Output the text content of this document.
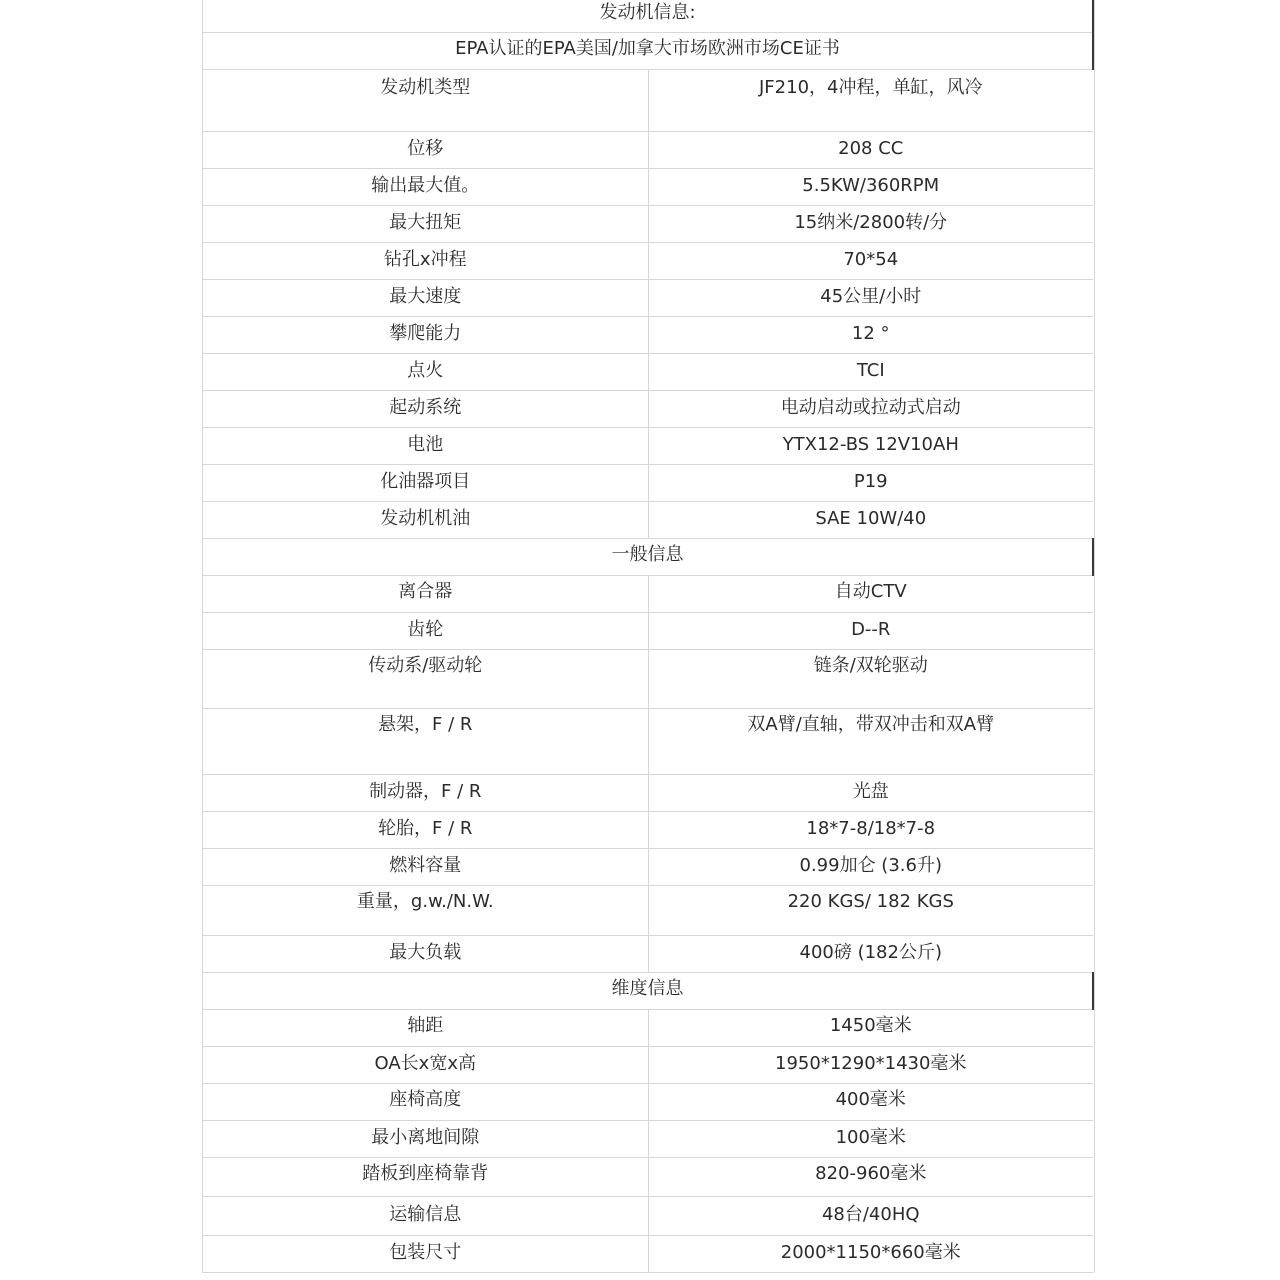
发动机信息:	
EPA认证的EPA美国/加拿大市场欧洲市场CE证书	
发动机类型	JF210，4冲程，单缸，风冷
位移	208 CC
输出最大值。	5.5KW/360RPM
最大扭矩	15纳米/2800转/分
钻孔x冲程	70*54
最大速度	45公里/小时
攀爬能力	12 °
点火	TCI
起动系统	电动启动或拉动式启动
电池	YTX12-BS 12V10AH
化油器项目	P19
发动机机油	SAE 10W/40
一般信息	
离合器	自动CTV
齿轮	D--R
传动系/驱动轮	链条/双轮驱动
悬架，F / R	双A臂/直轴，带双冲击和双A臂
制动器，F / R	光盘
轮胎，F / R	18*7-8/18*7-8
燃料容量	0.99加仑 (3.6升)
重量，g.w./N.W.	220 KGS/ 182 KGS
最大负载	400磅 (182公斤)
维度信息	
轴距	1450毫米
OA长x宽x高	1950*1290*1430毫米
座椅高度	400毫米
最小离地间隙	100毫米
踏板到座椅靠背	820-960毫米
运输信息	48台/40HQ
包装尺寸	2000*1150*660毫米
